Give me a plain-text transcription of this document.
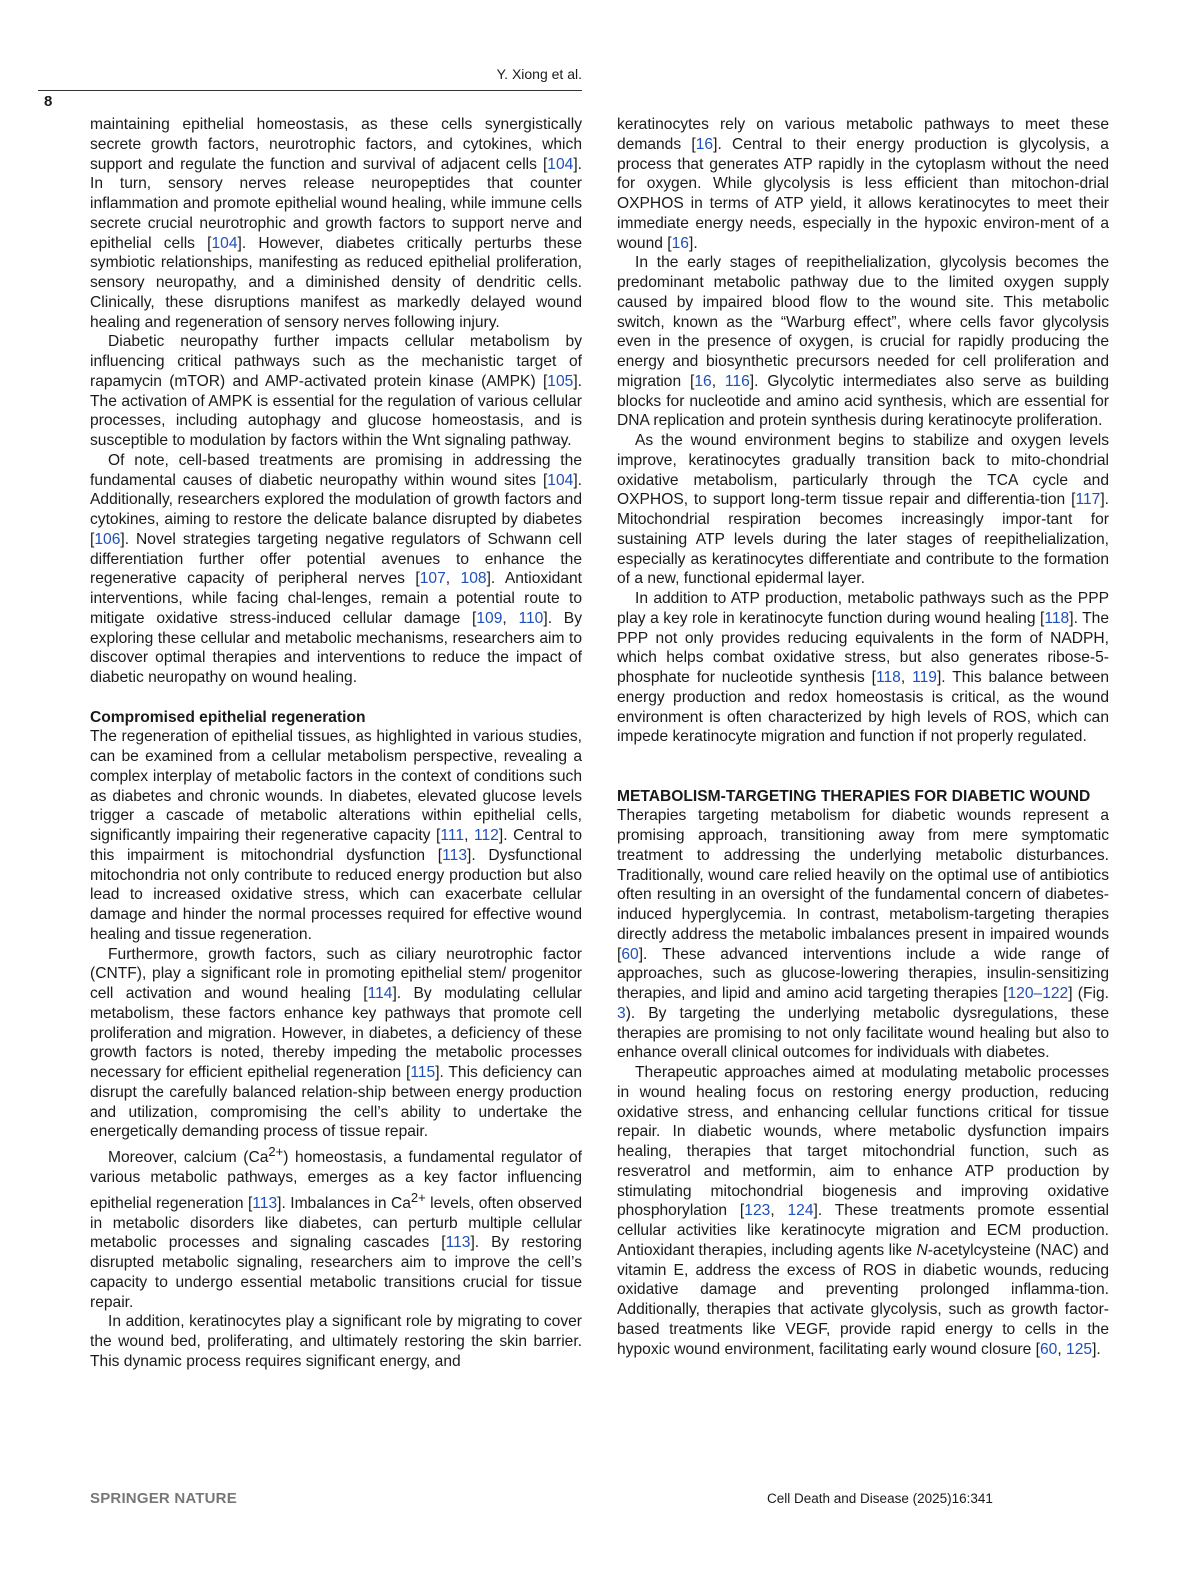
8
Y. Xiong et al.

maintaining epithelial homeostasis, as these cells synergistically secrete growth factors, neurotrophic factors, and cytokines, which support and regulate the function and survival of adjacent cells [104]. In turn, sensory nerves release neuropeptides that counter inflammation and promote epithelial wound healing, while immune cells secrete crucial neurotrophic and growth factors to support nerve and epithelial cells [104]. However, diabetes critically perturbs these symbiotic relationships, manifesting as reduced epithelial proliferation, sensory neuropathy, and a diminished density of dendritic cells. Clinically, these disruptions manifest as markedly delayed wound healing and regeneration of sensory nerves following injury.

Diabetic neuropathy further impacts cellular metabolism by influencing critical pathways such as the mechanistic target of rapamycin (mTOR) and AMP-activated protein kinase (AMPK) [105]. The activation of AMPK is essential for the regulation of various cellular processes, including autophagy and glucose homeostasis, and is susceptible to modulation by factors within the Wnt signaling pathway.

Of note, cell-based treatments are promising in addressing the fundamental causes of diabetic neuropathy within wound sites [104]. Additionally, researchers explored the modulation of growth factors and cytokines, aiming to restore the delicate balance disrupted by diabetes [106]. Novel strategies targeting negative regulators of Schwann cell differentiation further offer potential avenues to enhance the regenerative capacity of peripheral nerves [107, 108]. Antioxidant interventions, while facing chal-lenges, remain a potential route to mitigate oxidative stress-induced cellular damage [109, 110]. By exploring these cellular and metabolic mechanisms, researchers aim to discover optimal therapies and interventions to reduce the impact of diabetic neuropathy on wound healing.

Compromised epithelial regeneration

The regeneration of epithelial tissues, as highlighted in various studies, can be examined from a cellular metabolism perspective, revealing a complex interplay of metabolic factors in the context of conditions such as diabetes and chronic wounds. In diabetes, elevated glucose levels trigger a cascade of metabolic alterations within epithelial cells, significantly impairing their regenerative capacity [111, 112]. Central to this impairment is mitochondrial dysfunction [113]. Dysfunctional mitochondria not only contribute to reduced energy production but also lead to increased oxidative stress, which can exacerbate cellular damage and hinder the normal processes required for effective wound healing and tissue regeneration.

Furthermore, growth factors, such as ciliary neurotrophic factor (CNTF), play a significant role in promoting epithelial stem/ progenitor cell activation and wound healing [114]. By modulating cellular metabolism, these factors enhance key pathways that promote cell proliferation and migration. However, in diabetes, a deficiency of these growth factors is noted, thereby impeding the metabolic processes necessary for efficient epithelial regeneration [115]. This deficiency can disrupt the carefully balanced relation-ship between energy production and utilization, compromising the cell’s ability to undertake the energetically demanding process of tissue repair.

Moreover, calcium $(Ca^{2+})$ homeostasis, a fundamental regulator of various metabolic pathways, emerges as a key factor influencing epithelial regeneration [113]. Imbalances in $Ca^{2+}$ levels, often observed in metabolic disorders like diabetes, can perturb multiple cellular metabolic processes and signaling cascades [113]. By restoring disrupted metabolic signaling, researchers aim to improve the cell’s capacity to undergo essential metabolic transitions crucial for tissue repair.

In addition, keratinocytes play a significant role by migrating to cover the wound bed, proliferating, and ultimately restoring the skin barrier. This dynamic process requires significant energy, and

keratinocytes rely on various metabolic pathways to meet these demands [16]. Central to their energy production is glycolysis, a process that generates ATP rapidly in the cytoplasm without the need for oxygen. While glycolysis is less efficient than mitochon-drial OXPHOS in terms of ATP yield, it allows keratinocytes to meet their immediate energy needs, especially in the hypoxic environ-ment of a wound [16].

In the early stages of reepithelialization, glycolysis becomes the predominant metabolic pathway due to the limited oxygen supply caused by impaired blood flow to the wound site. This metabolic switch, known as the “Warburg effect”, where cells favor glycolysis even in the presence of oxygen, is crucial for rapidly producing the energy and biosynthetic precursors needed for cell proliferation and migration [16, 116]. Glycolytic intermediates also serve as building blocks for nucleotide and amino acid synthesis, which are essential for DNA replication and protein synthesis during keratinocyte proliferation.

As the wound environment begins to stabilize and oxygen levels improve, keratinocytes gradually transition back to mito-chondrial oxidative metabolism, particularly through the TCA cycle and OXPHOS, to support long-term tissue repair and differentia-tion [117]. Mitochondrial respiration becomes increasingly impor-tant for sustaining ATP levels during the later stages of reepithelialization, especially as keratinocytes differentiate and contribute to the formation of a new, functional epidermal layer.

In addition to ATP production, metabolic pathways such as the PPP play a key role in keratinocyte function during wound healing [118]. The PPP not only provides reducing equivalents in the form of NADPH, which helps combat oxidative stress, but also generates ribose-5-phosphate for nucleotide synthesis [118, 119]. This balance between energy production and redox homeostasis is critical, as the wound environment is often characterized by high levels of ROS, which can impede keratinocyte migration and function if not properly regulated.

METABOLISM-TARGETING THERAPIES FOR DIABETIC WOUND

Therapies targeting metabolism for diabetic wounds represent a promising approach, transitioning away from mere symptomatic treatment to addressing the underlying metabolic disturbances. Traditionally, wound care relied heavily on the optimal use of antibiotics often resulting in an oversight of the fundamental concern of diabetes-induced hyperglycemia. In contrast, metabolism-targeting therapies directly address the metabolic imbalances present in impaired wounds [60]. These advanced interventions include a wide range of approaches, such as glucose-lowering therapies, insulin-sensitizing therapies, and lipid and amino acid targeting therapies [120–122] (Fig. 3). By targeting the underlying metabolic dysregulations, these therapies are promising to not only facilitate wound healing but also to enhance overall clinical outcomes for individuals with diabetes.

Therapeutic approaches aimed at modulating metabolic processes in wound healing focus on restoring energy production, reducing oxidative stress, and enhancing cellular functions critical for tissue repair. In diabetic wounds, where metabolic dysfunction impairs healing, therapies that target mitochondrial function, such as resveratrol and metformin, aim to enhance ATP production by stimulating mitochondrial biogenesis and improving oxidative phosphorylation [123, 124]. These treatments promote essential cellular activities like keratinocyte migration and ECM production. Antioxidant therapies, including agents like N-acetylcysteine (NAC) and vitamin E, address the excess of ROS in diabetic wounds, reducing oxidative damage and preventing prolonged inflamma-tion. Additionally, therapies that activate glycolysis, such as growth factor-based treatments like VEGF, provide rapid energy to cells in the hypoxic wound environment, facilitating early wound closure [60, 125].

SPRINGER NATURE	Cell Death and Disease (2025)16:341
